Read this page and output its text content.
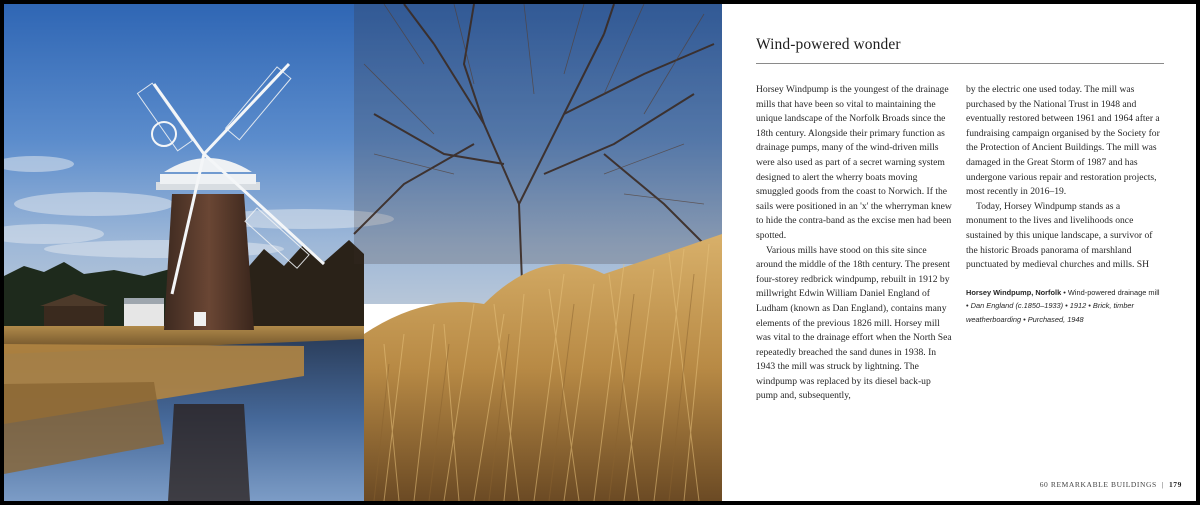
Wind-powered wonder

Horsey Windpump is the youngest of the drainage mills that have been so vital to maintaining the unique landscape of the Norfolk Broads since the 18th century. Alongside their primary function as drainage pumps, many of the wind-driven mills were also used as part of a secret warning system designed to alert the wherry boats moving smuggled goods from the coast to Norwich. If the sails were positioned in an 'x' the wherryman knew to hide the contra-band as the excise men had been spotted.

Various mills have stood on this site since around the middle of the 18th century. The present four-storey redbrick windpump, rebuilt in 1912 by millwright Edwin William Daniel England of Ludham (known as Dan England), contains many elements of the previous 1826 mill. Horsey mill was vital to the drainage effort when the North Sea repeatedly breached the sand dunes in 1938. In 1943 the mill was struck by lightning. The windpump was replaced by its diesel back-up pump and, subsequently,

by the electric one used today. The mill was purchased by the National Trust in 1948 and eventually restored between 1961 and 1964 after a fundraising campaign organised by the Society for the Protection of Ancient Buildings. The mill was damaged in the Great Storm of 1987 and has undergone various repair and restoration projects, most recently in 2016–19.

Today, Horsey Windpump stands as a monument to the lives and livelihoods once sustained by this unique landscape, a survivor of the historic Broads panorama of marshland punctuated by medieval churches and mills. SH

Horsey Windpump, Norfolk • Wind-powered drainage mill • Dan England (c.1850–1933) • 1912 • Brick, timber weatherboarding • Purchased, 1948

60 REMARKABLE BUILDINGS | 179
